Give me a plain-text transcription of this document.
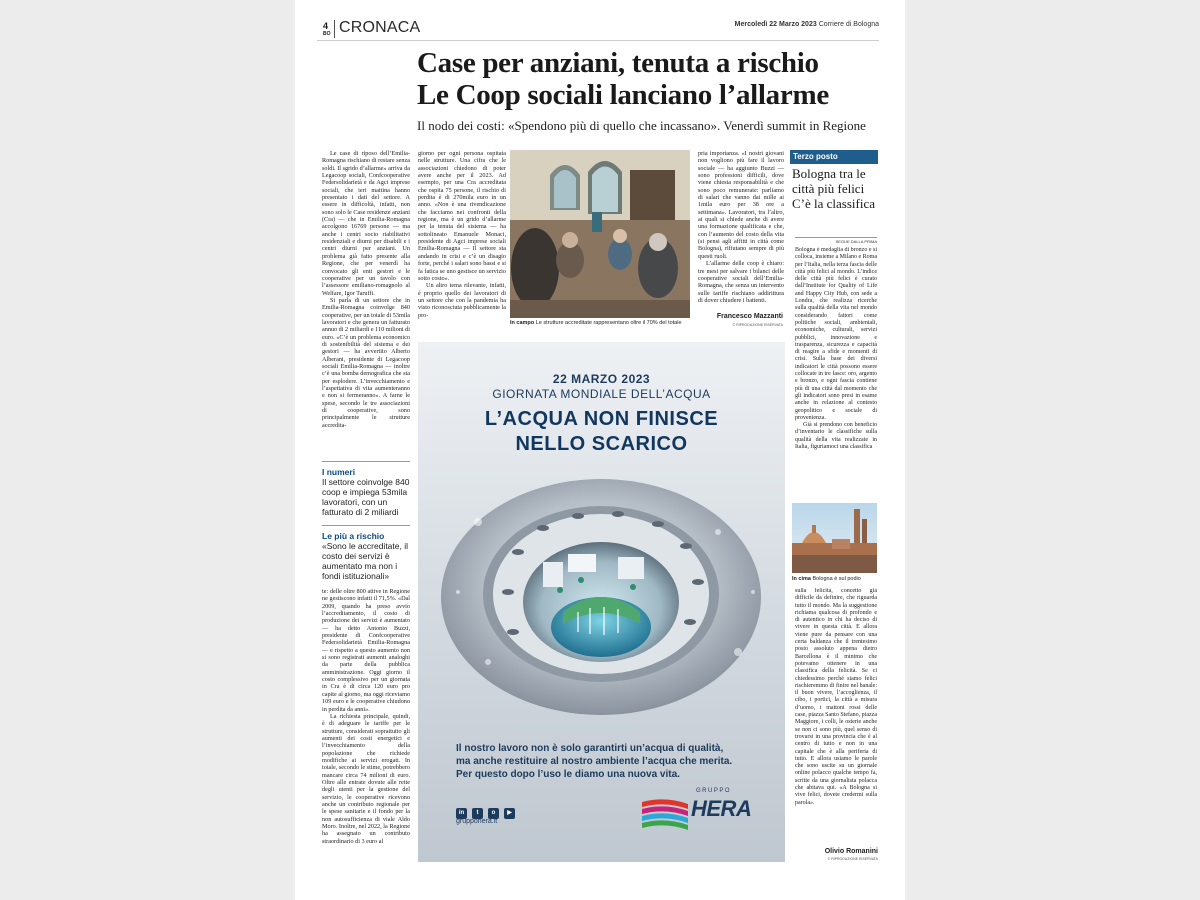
4
BO CRONACA	Mercoledì 22 Marzo 2023 Corriere di Bologna
Case per anziani, tenuta a rischio
Le Coop sociali lanciano l’allarme
Il nodo dei costi: «Spendono più di quello che incassano». Venerdì summit in Regione

Le case di riposo dell’Emilia-Romagna rischiano di restare senza soldi. Il sgrido d’allarme» arriva da Legacoop sociali, Confcooperative Federsolidarietà e da Agci imprese sociali, che ieri mattina hanno presentato i dati del settore. A essere in difficoltà, infatti, non sono solo le Case residenze anziani (Cra) — che in Emilia-Romagna accolgono 16769 persone — ma anche i centri socio riabilitativi residenziali e diurni per disabili e i centri diurni per anziani. Un problema già fatto presente alla Regione, che per venerdì ha convocato gli enti gestori e le cooperative per un tavolo con l’assessore emiliano-romagnolo al Welfare, Igor Taruffi.

Si parla di un settore che in Emilia-Romagna coinvolge 840 cooperative, per un totale di 53mila lavoratori e che genera un fatturato annuo di 2 miliardi e 110 milioni di euro. «C’è un problema economico di sostenibilità del sistema e dei gestori — ha avvertito Alberto Alberani, presidente di Legacoop sociali Emilia-Romagna — inoltre c’è una bomba demografica che sta per esplodere. L’invecchiamento e l’aspettativa di vita aumenteranno e non si fermeranno». A farne le spese, secondo le tre associazioni di cooperative, sono principalmente le strutture accredita-

I numeri
Il settore coinvolge 840 coop e impiega 53mila lavoratori, con un fatturato di 2 miliardi
Le più a rischio
«Sono le accreditate, il costo dei servizi è aumentato ma non i fondi istituzionali»

te: delle oltre 800 attive in Regione ne gestiscono infatti il 71,5%. «Dal 2009, quando ha preso avvio l’accreditamento, il costo di produzione dei servizi è aumentato — ha detto Antonio Buzzi, presidente di Confcooperative Federsolidarietà Emilia-Romagna — e rispetto a questo aumento non si sono registrati aumenti analoghi da parte della pubblica amministrazione. Oggi giorno il costo complessivo per un giornata in Cra è di circa 120 euro pro capite al giorno, ma oggi riceviamo 109 euro e le cooperative chiudono in perdita da anni».

La richiesta principale, quindi, è di adeguare le tariffe per le strutture, considerati soprattutto gli aumenti dei costi energetici e l’invecchiamento della popolazione che richiede modifiche ai servizi erogati. In totale, secondo le stime, potrebbero mancare circa 74 milioni di euro. Oltre alle entrate dovute alle rette degli utenti per la gestione del servizio, le cooperative ricevono anche un contributo regionale per le spese sanitarie e il fondo per la non autosufficienza di viale Aldo Moro. Inoltre, nel 2022, la Regione ha assegnato un contributo straordinario di 3 euro al

giorno per ogni persona ospitata nelle strutture. Una cifra che le associazioni chiedono di poter avere anche per il 2023. Ad esempio, per una Cra accreditata che ospita 75 persone, il rischio di perdita è di 270mila euro in un anno. «Non è una rivendicazione che facciamo nei confronti della regione, ma è un grido d’allarme per la tenuta del sistema — ha sottolineato Emanuele Monaci, presidente di Agci imprese sociali Emilia-Romagna — Il settore sta andando in crisi e c’è un disagio forte, perché i salari sono bassi e si fa fatica se uno gestisce un servizio sotto costo».

Un altro tema rilevante, infatti, è proprio quello dei lavoratori di un settore che con la pandemia ha visto riconosciuta pubblicamente la pro-

In campo Le strutture accreditate rappresentano oltre il 70% del totale

pria importanza. «I nostri giovani non vogliono più fare il lavoro sociale — ha aggiunto Buzzi — sono professioni difficili, dove viene chiesta responsabilità e che sono poco remunerate: parliamo di salari che vanno dai mille ai 1mila euro per 38 ore a settimana». Lavoratori, tra l’altro, ai quali si chiede anche di avere una formazione qualificata e che, con l’aumento del costo della vita (si pensi agli affitti in città come Bologna), rifiutano sempre di più questi ruoli.

L’allarme delle coop è chiaro: tre mesi per salvare i bilanci delle cooperative sociali dell’Emilia-Romagna, che senza un intervento sulle tariffe rischiano addirittura di dover chiudere i battenti.

Francesco Mazzanti
© RIPRODUZIONE RISERVATA
Terzo posto
Bologna tra le città più felici C’è la classifica
SEGUE DALLA PRIMA

Bologna è medaglia di bronzo e si colloca, insieme a Milano e Roma per l’Italia, nella terza fascia delle città più felici al mondo. L’indice delle città più felici è curato dall’Institute for Quality of Life and Happy City Hub, con sede a Londra, che realizza ricerche sulla qualità della vita nel mondo considerando fattori come politiche sociali, ambientali, economiche, culturali, servizi pubblici, innovazione e trasparenza, sicurezza e capacità di reagire a sfide e momenti di crisi. Sulla base dei diversi indicatori le città possono essere collocate in tre fasce: oro, argento e bronzo, e ogni fascia contiene più di una città dal momento che gli indicatori sono presi in esame anche in relazione al contesto geopolitico e sociale di provenienza.

Già si prendono con beneficio d’inventario le classifiche sulla qualità della vita realizzate in Italia, figuriamoci una classifica

In cima Bologna è sul podio

sulla felicità, concetto già difficile da definire, che riguarda tutto il mondo. Ma la suggestione richiama qualcosa di profondo e di autentico in chi ha deciso di vivere in questa città. E allora viene pure da pensare con una certa baldanza che il trentesimo posto assoluto appena dietro Barcellona è il minimo che potevamo ottenere in una classifica della felicità. Se ci chiedessimo perché siamo felici rischieremmo di finire nel banale: il buon vivere, l’accoglienza, il cibo, i portici, la città a misura d’uomo, i mattoni rossi delle case, piazza Santo Stefano, piazza Maggiore, i colli, le osterie anche se non ci sono più, quel senso di trovarsi in una provincia che è al centro di tutto e non in una capitale che è alla periferia di tutto. E allora usiamo le parole che sono uscite su un giornale online polacco qualche tempo fa, scritte da una giornalista polacca che abitava qui. «A Bologna si vive felici, dovete credermi sulla parola».

Olivio Romanini
© RIPRODUZIONE RISERVATA
22 MARZO 2023
GIORNATA MONDIALE DELL’ACQUA
L’ACQUA NON FINISCE
NELLO SCARICO
Il nostro lavoro non è solo garantirti un’acqua di qualità,
ma anche restituire al nostro ambiente l’acqua che merita.
Per questo dopo l’uso le diamo una nuova vita.
in t o ▶
gruppohera.it
GRUPPO
HERA
